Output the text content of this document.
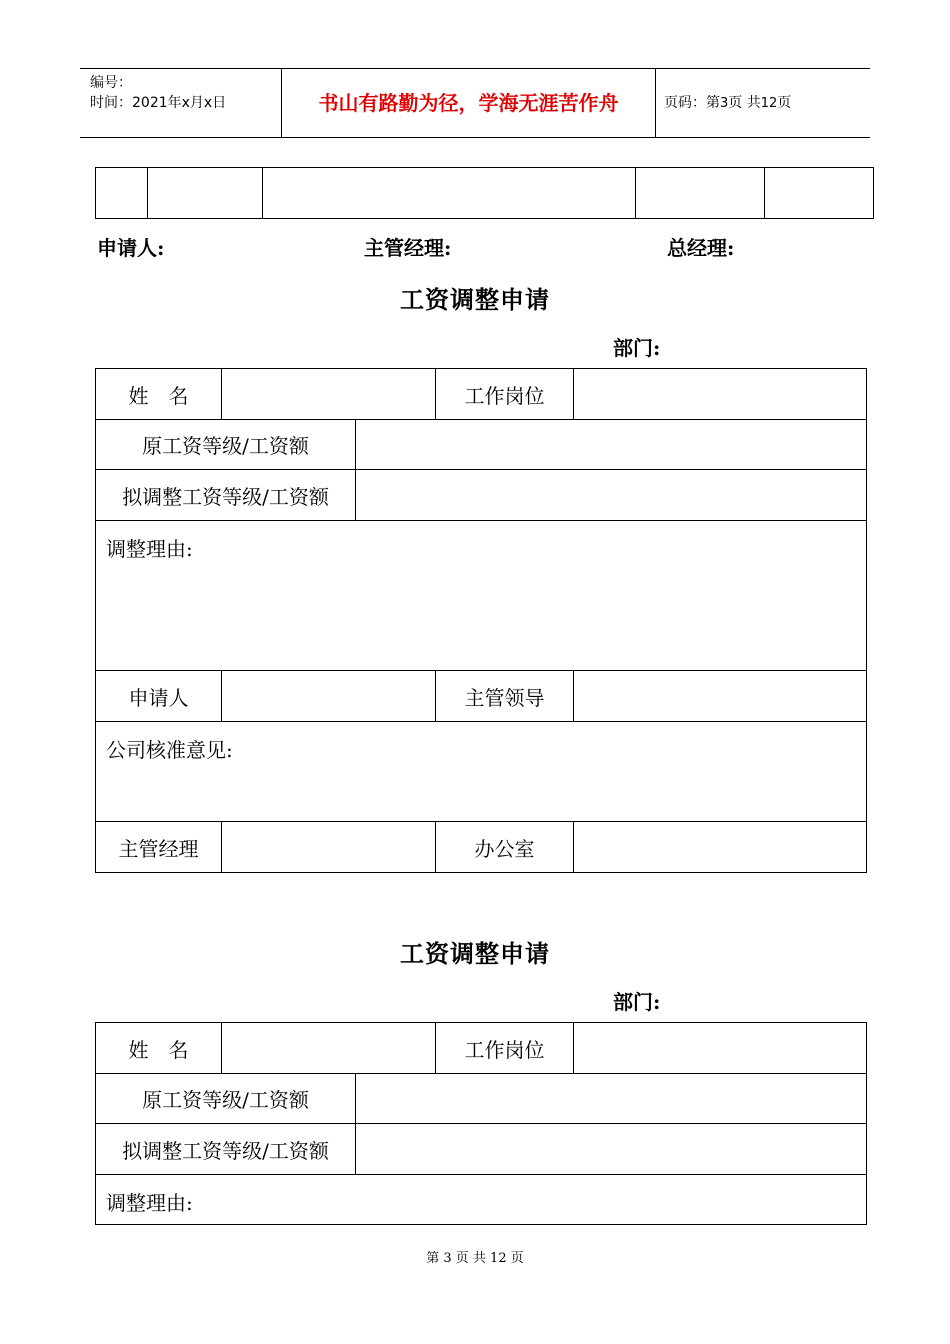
编号：
时间：2021年x月x日	书山有路勤为径，学海无涯苦作舟	页码：第3页 共12页

申请人:	主管经理:	总经理:
工资调整申请
部门:
姓　名			工作岗位	
原工资等级/工资额				
拟调整工资等级/工资额				
调整理由:				
申请人			主管领导	
公司核准意见:				
主管经理			办公室	
工资调整申请
部门:
姓　名			工作岗位	
原工资等级/工资额				
拟调整工资等级/工资额				
调整理由:				
第 3 页 共 12 页
